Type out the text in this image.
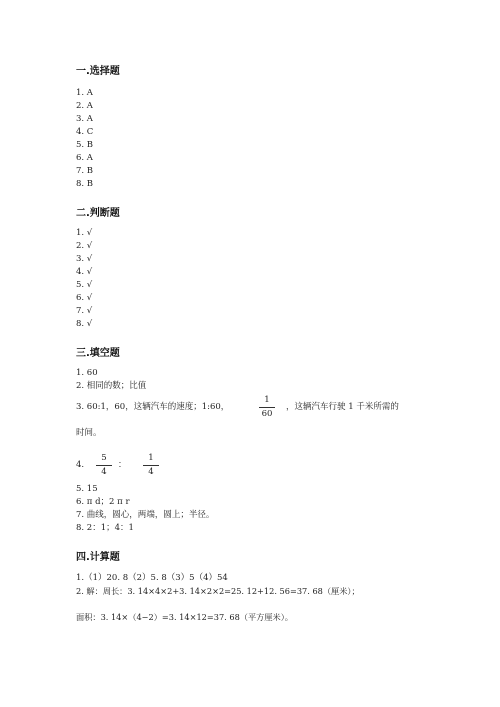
一.选择题
1. A
2. A
3. A
4. C
5. B
6. A
7. B
8. B
二.判断题
1. √
2. √
3. √
4. √
5. √
6. √
7. √
8. √
三.填空题
1. 60
2. 相同的数；比值
3. 60:1，60，这辆汽车的速度；1:60，
1
60
，这辆汽车行驶 1 千米所需的
时间。
4.
5
4
：
1
4
5. 15
6. π d；2 π r
7. 曲线，圆心，两端，圆上；半径。
8. 2：1；4：1
四.计算题
1.（1）20. 8（2）5. 8（3）5（4）54
2. 解：周长：3. 14×4×2+3. 14×2×2=25. 12+12. 56=37. 68（厘米）；
面积：3. 14×（4−2）=3. 14×12=37. 68（平方厘米）。
